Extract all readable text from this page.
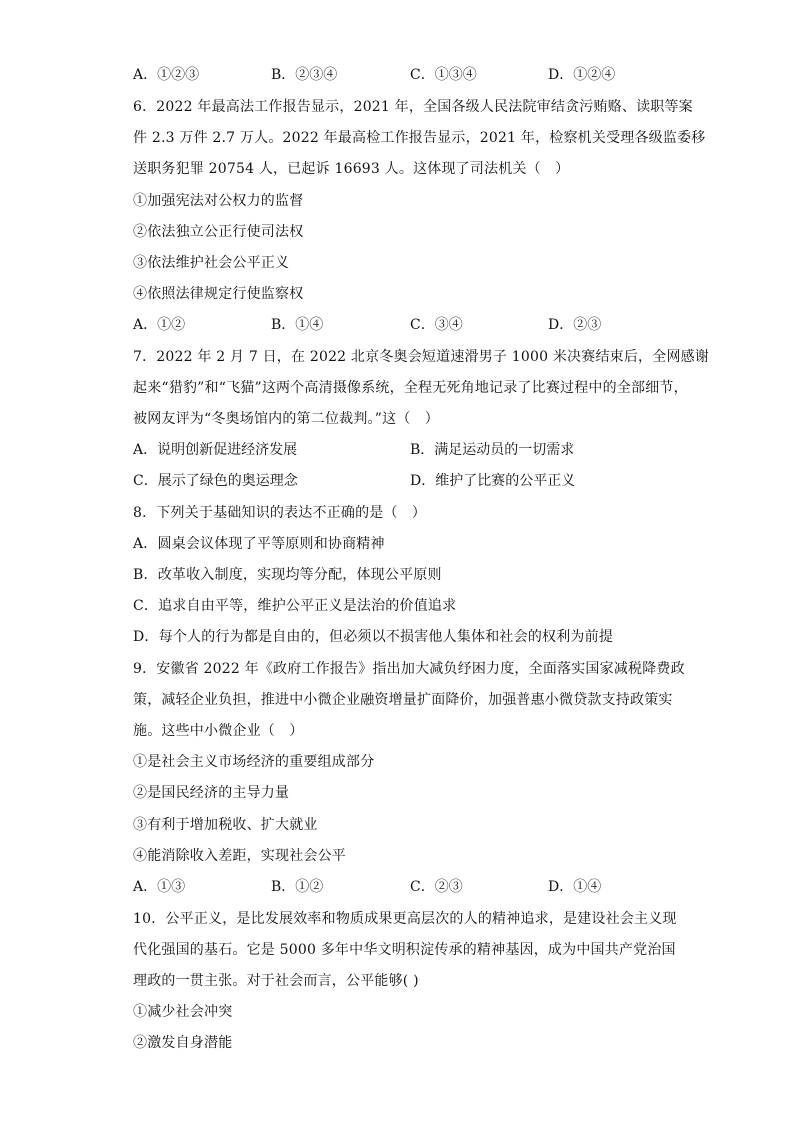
A．①②③	B．②③④	C．①③④	D．①②④
6．2022 年最高法工作报告显示，2021 年，全国各级人民法院审结贪污贿赂、读职等案
件 2.3 万件 2.7 万人。2022 年最高检工作报告显示，2021 年，检察机关受理各级监委移
送职务犯罪 20754 人，已起诉 16693 人。这体现了司法机关（　）
①加强宪法对公权力的监督
②依法独立公正行使司法权
③依法维护社会公平正义
④依照法律规定行使监察权
A．①②	B．①④	C．③④	D．②③
7．2022 年 2 月 7 日，在 2022 北京冬奥会短道速滑男子 1000 米决赛结束后，全网感谢
起来“猎豹”和“飞猫”这两个高清摄像系统，全程无死角地记录了比赛过程中的全部细节，
被网友评为“冬奥场馆内的第二位裁判。”这（　）
A．说明创新促进经济发展	B．满足运动员的一切需求
C．展示了绿色的奥运理念	D．维护了比赛的公平正义
8．下列关于基础知识的表达不正确的是（　）
A．圆桌会议体现了平等原则和协商精神
B．改革收入制度，实现均等分配，体现公平原则
C．追求自由平等，维护公平正义是法治的价值追求
D．每个人的行为都是自由的，但必须以不损害他人集体和社会的权利为前提
9．安徽省 2022 年《政府工作报告》指出加大减负纾困力度，全面落实国家减税降费政
策，减轻企业负担，推进中小微企业融资增量扩面降价，加强普惠小微贷款支持政策实
施。这些中小微企业（　）
①是社会主义市场经济的重要组成部分
②是国民经济的主导力量
③有利于增加税收、扩大就业
④能消除收入差距，实现社会公平
A．①③	B．①②	C．②③	D．①④
10．公平正义，是比发展效率和物质成果更高层次的人的精神追求，是建设社会主义现
代化强国的基石。它是 5000 多年中华文明积淀传承的精神基因，成为中国共产党治国
理政的一贯主张。对于社会而言，公平能够( )
①减少社会冲突
②激发自身潜能
